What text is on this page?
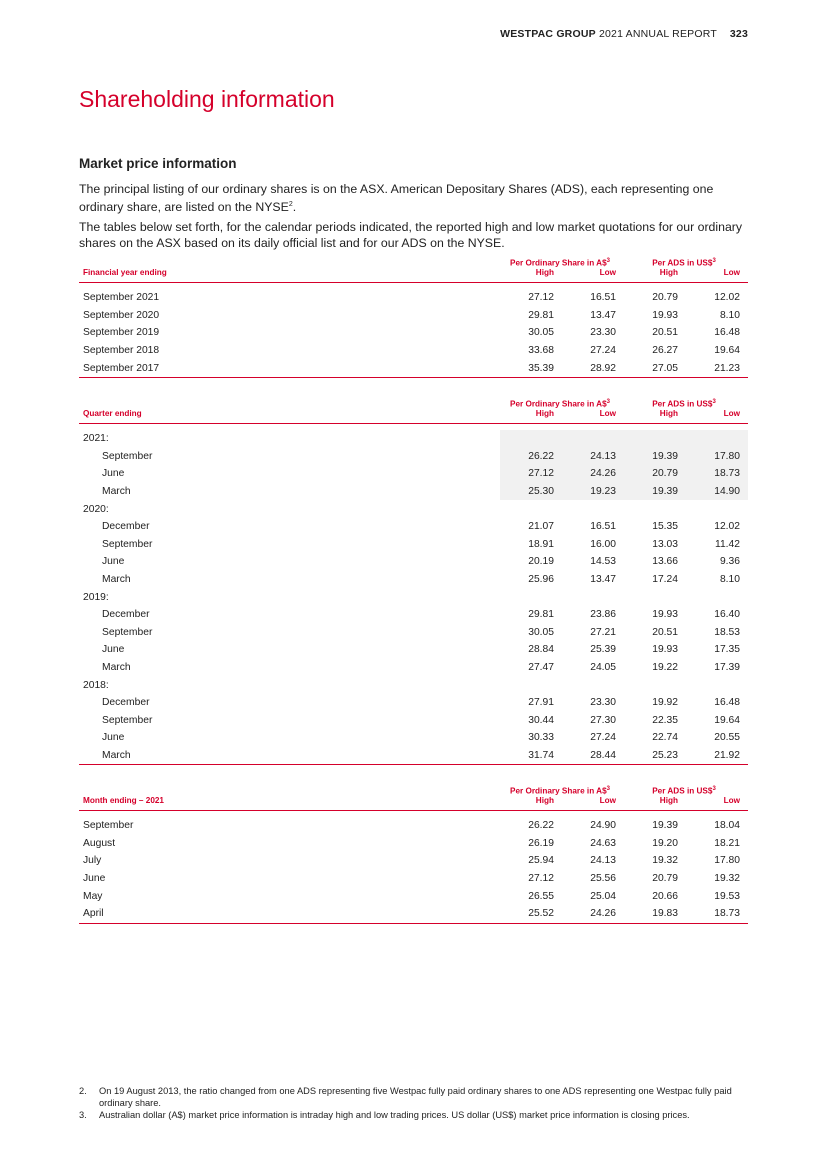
WESTPAC GROUP 2021 ANNUAL REPORT 323
Shareholding information
Market price information
The principal listing of our ordinary shares is on the ASX. American Depositary Shares (ADS), each representing one ordinary share, are listed on the NYSE$^2$.
The tables below set forth, for the calendar periods indicated, the reported high and low market quotations for our ordinary shares on the ASX based on its daily official list and for our ADS on the NYSE.
	Per Ordinary Share in A\$$^3$		Per ADS in US\$$^3$
Financial year ending	High	Low	High	Low

September 2021	27.12	16.51	20.79	12.02
September 2020	29.81	13.47	19.93	8.10
September 2019	30.05	23.30	20.51	16.48
September 2018	33.68	27.24	26.27	19.64
September 2017	35.39	28.92	27.05	21.23
	Per Ordinary Share in A\$$^3$		Per ADS in US\$$^3$
Quarter ending	High	Low	High	Low

2021:				
September	26.22	24.13	19.39	17.80
June	27.12	24.26	20.79	18.73
March	25.30	19.23	19.39	14.90
2020:				
December	21.07	16.51	15.35	12.02
September	18.91	16.00	13.03	11.42
June	20.19	14.53	13.66	9.36
March	25.96	13.47	17.24	8.10
2019:				
December	29.81	23.86	19.93	16.40
September	30.05	27.21	20.51	18.53
June	28.84	25.39	19.93	17.35
March	27.47	24.05	19.22	17.39
2018:				
December	27.91	23.30	19.92	16.48
September	30.44	27.30	22.35	19.64
June	30.33	27.24	22.74	20.55
March	31.74	28.44	25.23	21.92
	Per Ordinary Share in A\$$^3$		Per ADS in US\$$^3$
Month ending – 2021	High	Low	High	Low

September	26.22	24.90	19.39	18.04
August	26.19	24.63	19.20	18.21
July	25.94	24.13	19.32	17.80
June	27.12	25.56	20.79	19.32
May	26.55	25.04	20.66	19.53
April	25.52	24.26	19.83	18.73
2. On 19 August 2013, the ratio changed from one ADS representing five Westpac fully paid ordinary shares to one ADS representing one Westpac fully paid ordinary share.
3. Australian dollar (A$) market price information is intraday high and low trading prices. US dollar (US$) market price information is closing prices.
